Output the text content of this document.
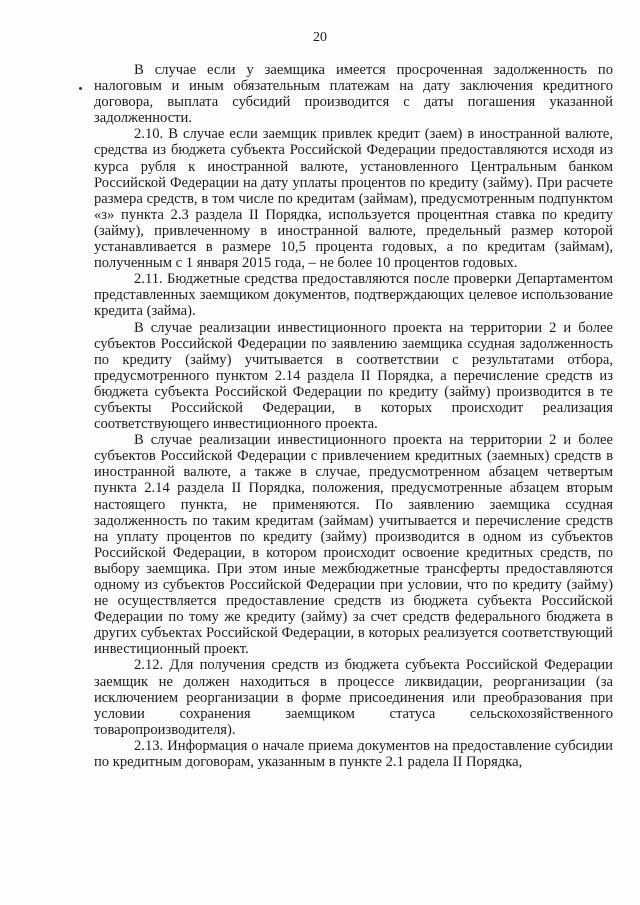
20

В случае если у заемщика имеется просроченная задолженность по налоговым и иным обязательным платежам на дату заключения кредитного договора, выплата субсидий производится с даты погашения указанной задолженности.

2.10. В случае если заемщик привлек кредит (заем) в иностранной валюте, средства из бюджета субъекта Российской Федерации предоставляются исходя из курса рубля к иностранной валюте, установленного Центральным банком Российской Федерации на дату уплаты процентов по кредиту (займу). При расчете размера средств, в том числе по кредитам (займам), предусмотренным подпунктом «з» пункта 2.3 раздела II Порядка, используется процентная ставка по кредиту (займу), привлеченному в иностранной валюте, предельный размер которой устанавливается в размере 10,5 процента годовых, а по кредитам (займам), полученным с 1 января 2015 года, – не более 10 процентов годовых.

2.11. Бюджетные средства предоставляются после проверки Департаментом представленных заемщиком документов, подтверждающих целевое использование кредита (займа).

В случае реализации инвестиционного проекта на территории 2 и более субъектов Российской Федерации по заявлению заемщика ссудная задолженность по кредиту (займу) учитывается в соответствии с результатами отбора, предусмотренного пунктом 2.14 раздела II Порядка, а перечисление средств из бюджета субъекта Российской Федерации по кредиту (займу) производится в те субъекты Российской Федерации, в которых происходит реализация соответствующего инвестиционного проекта.

В случае реализации инвестиционного проекта на территории 2 и более субъектов Российской Федерации с привлечением кредитных (заемных) средств в иностранной валюте, а также в случае, предусмотренном абзацем четвертым пункта 2.14 раздела II Порядка, положения, предусмотренные абзацем вторым настоящего пункта, не применяются. По заявлению заемщика ссудная задолженность по таким кредитам (займам) учитывается и перечисление средств на уплату процентов по кредиту (займу) производится в одном из субъектов Российской Федерации, в котором происходит освоение кредитных средств, по выбору заемщика. При этом иные межбюджетные трансферты предоставляются одному из субъектов Российской Федерации при условии, что по кредиту (займу) не осуществляется предоставление средств из бюджета субъекта Российской Федерации по тому же кредиту (займу) за счет средств федерального бюджета в других субъектах Российской Федерации, в которых реализуется соответствующий инвестиционный проект.

2.12. Для получения средств из бюджета субъекта Российской Федерации заемщик не должен находиться в процессе ликвидации, реорганизации (за исключением реорганизации в форме присоединения или преобразования при условии сохранения заемщиком статуса сельскохозяйственного товаропроизводителя).

2.13. Информация о начале приема документов на предоставление субсидии по кредитным договорам, указанным в пункте 2.1 радела II Порядка,
